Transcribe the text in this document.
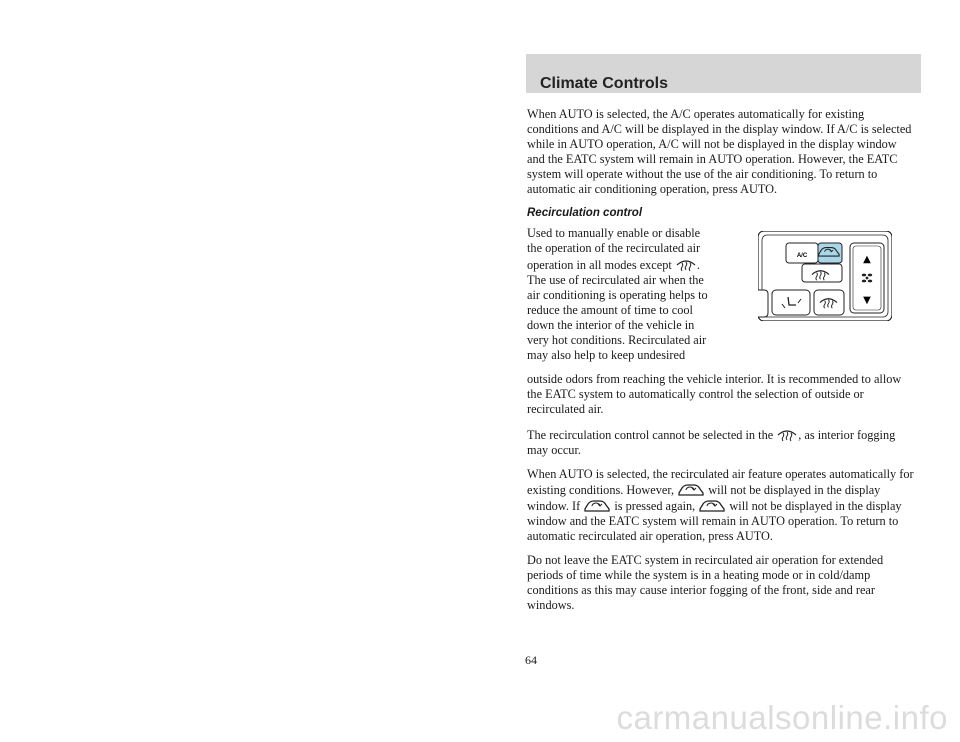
Climate Controls

When AUTO is selected, the A/C operates automatically for existing conditions and A/C will be displayed in the display window. If A/C is selected while in AUTO operation, A/C will not be displayed in the display window and the EATC system will remain in AUTO operation. However, the EATC system will operate without the use of the air conditioning. To return to automatic air conditioning operation, press AUTO.

Recirculation control

Used to manually enable or disable the operation of the recirculated air operation in all modes except . The use of recirculated air when the air conditioning is operating helps to reduce the amount of time to cool down the interior of the vehicle in very hot conditions. Recirculated air may also help to keep undesired

A/C	▲
▼

outside odors from reaching the vehicle interior. It is recommended to allow the EATC system to automatically control the selection of outside or recirculated air.

The recirculation control cannot be selected in the , as interior fogging may occur.

When AUTO is selected, the recirculated air feature operates automatically for existing conditions. However,	will not be displayed in the display window. If	is pressed again,	will not be displayed in the display window and the EATC system will remain in AUTO operation. To return to automatic recirculated air operation, press AUTO.

Do not leave the EATC system in recirculated air operation for extended periods of time while the system is in a heating mode or in cold/damp conditions as this may cause interior fogging of the front, side and rear windows.

64
carmanualsonline.info
